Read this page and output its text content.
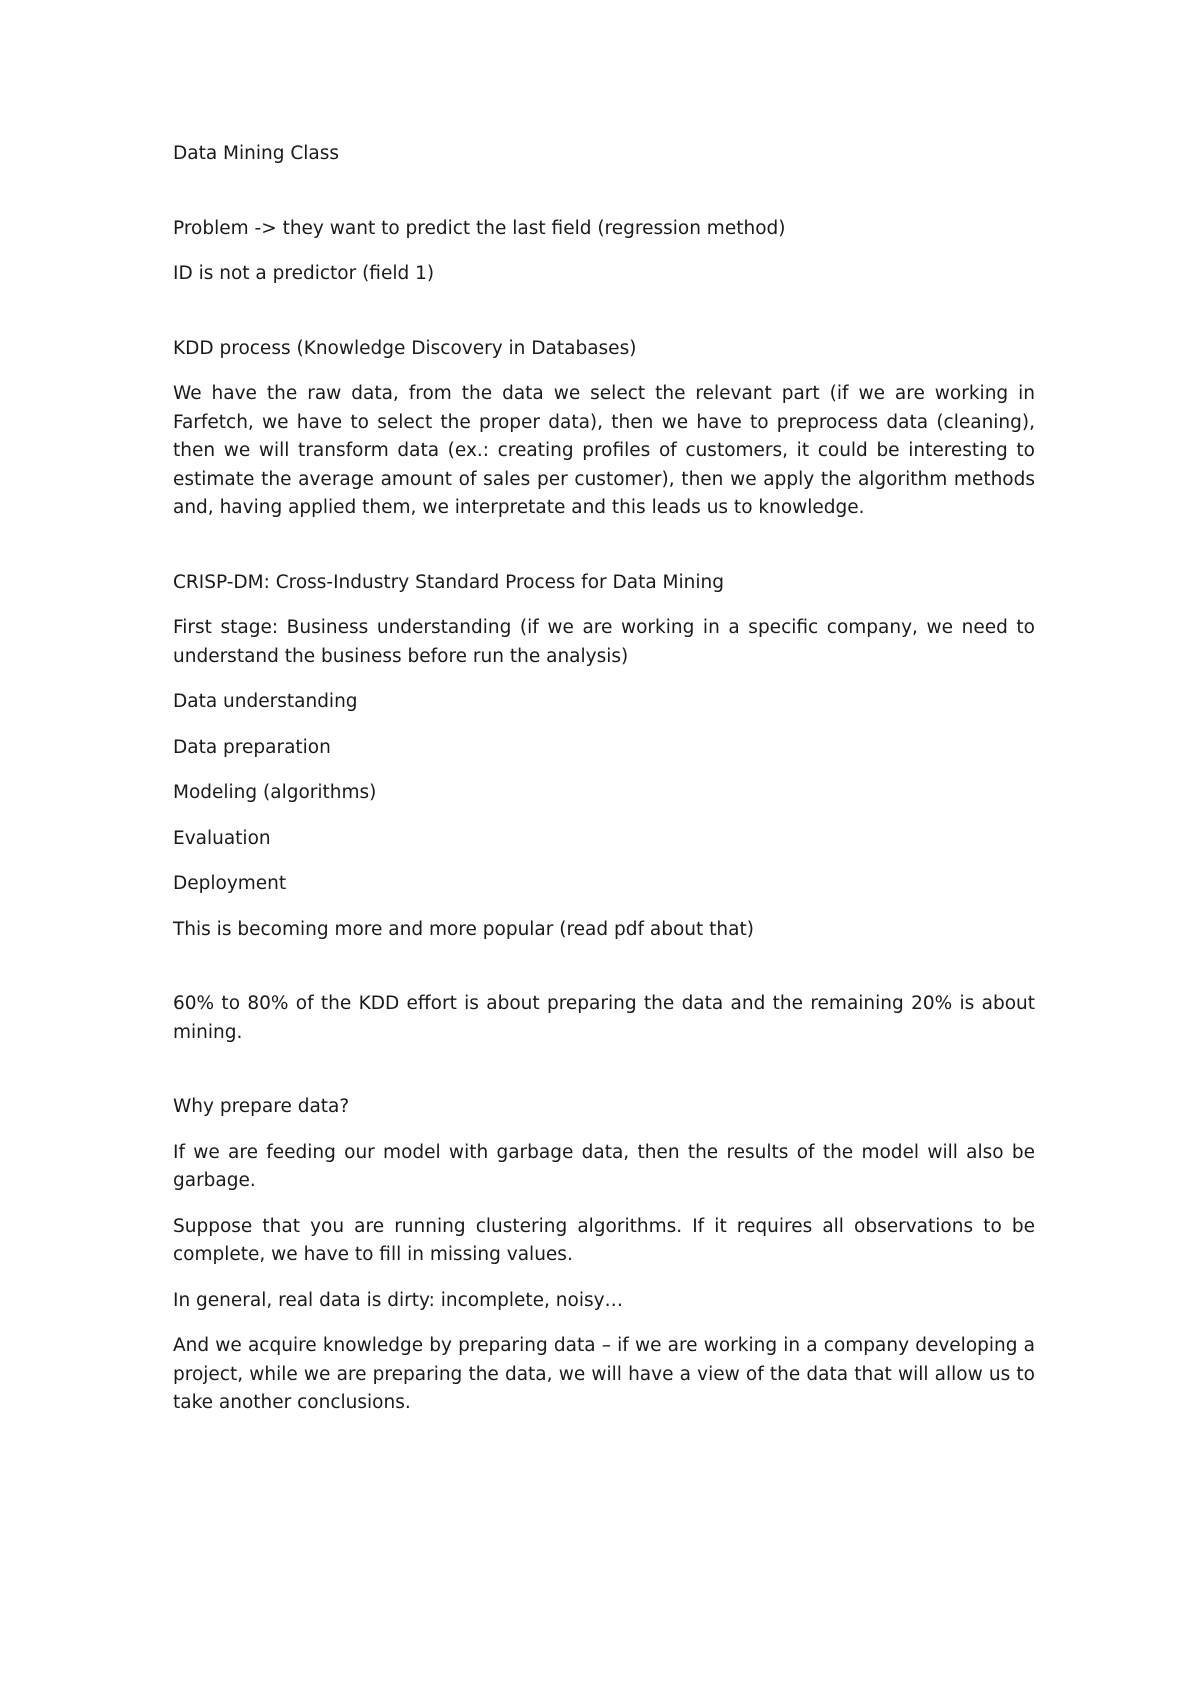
Data Mining Class

Problem -> they want to predict the last field (regression method)

ID is not a predictor (field 1)

KDD process (Knowledge Discovery in Databases)

We have the raw data, from the data we select the relevant part (if we are working in Farfetch, we have to select the proper data), then we have to preprocess data (cleaning), then we will transform data (ex.: creating profiles of customers, it could be interesting to estimate the average amount of sales per customer), then we apply the algorithm methods and, having applied them, we interpretate and this leads us to knowledge.

CRISP-DM: Cross-Industry Standard Process for Data Mining

First stage: Business understanding (if we are working in a specific company, we need to understand the business before run the analysis)

Data understanding

Data preparation

Modeling (algorithms)

Evaluation

Deployment

This is becoming more and more popular (read pdf about that)

60% to 80% of the KDD effort is about preparing the data and the remaining 20% is about mining.

Why prepare data?

If we are feeding our model with garbage data, then the results of the model will also be garbage.

Suppose that you are running clustering algorithms. If it requires all observations to be complete, we have to fill in missing values.

In general, real data is dirty: incomplete, noisy…

And we acquire knowledge by preparing data – if we are working in a company developing a project, while we are preparing the data, we will have a view of the data that will allow us to take another conclusions.
